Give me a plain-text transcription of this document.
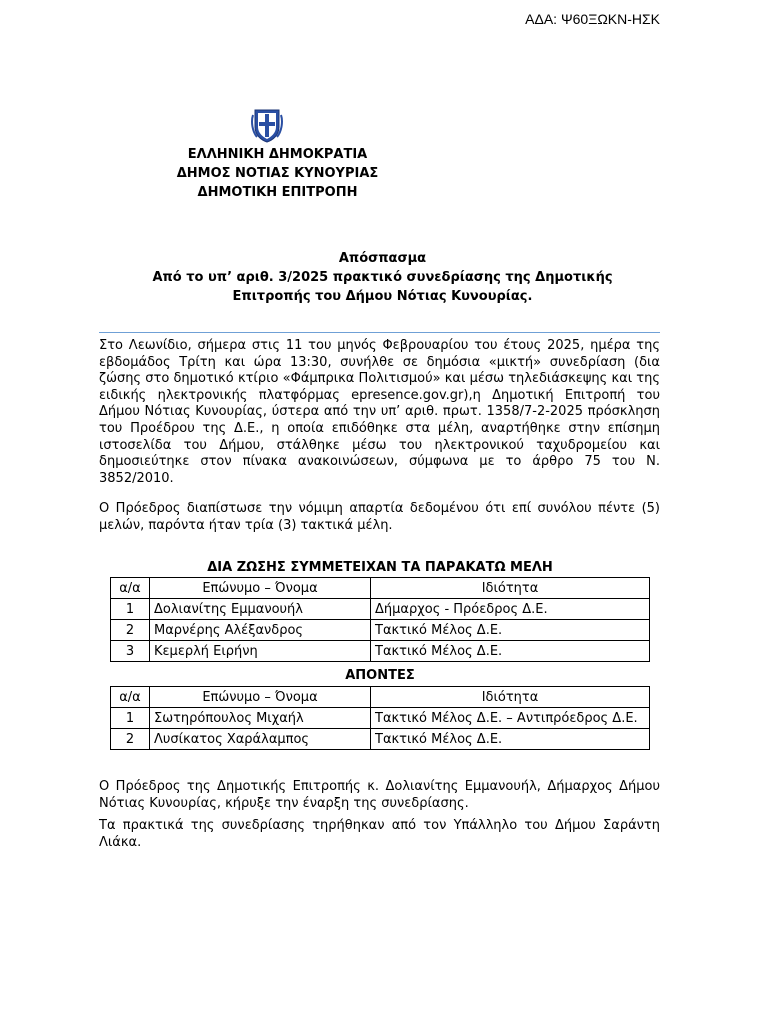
ΑΔΑ: Ψ60ΞΩΚΝ-ΗΣΚ
ΕΛΛΗΝΙΚΗ ΔΗΜΟΚΡΑΤΙΑ
ΔΗΜΟΣ ΝΟΤΙΑΣ ΚΥΝΟΥΡΙΑΣ
ΔΗΜΟΤΙΚΗ ΕΠΙΤΡΟΠΗ
Απόσπασμα
Από το υπ’ αριθ. 3/2025 πρακτικό συνεδρίασης της Δημοτικής
Επιτροπής του Δήμου Νότιας Κυνουρίας.
Στο Λεωνίδιο, σήμερα στις 11 του μηνός Φεβρουαρίου του έτους 2025, ημέρα της εβδομάδος Τρίτη και ώρα 13:30, συνήλθε σε δημόσια «μικτή» συνεδρίαση (δια ζώσης στο δημοτικό κτίριο «Φάμπρικα Πολιτισμού» και μέσω τηλεδιάσκεψης και της ειδικής ηλεκτρονικής πλατφόρμας epresence.gov.gr),η Δημοτική Επιτροπή του Δήμου Νότιας Κυνουρίας, ύστερα από την υπ’ αριθ. πρωτ. 1358/7-2-2025 πρόσκληση του Προέδρου της Δ.Ε., η οποία επιδόθηκε στα μέλη, αναρτήθηκε στην επίσημη ιστοσελίδα του Δήμου, στάλθηκε μέσω του ηλεκτρονικού ταχυδρομείου και δημοσιεύτηκε στον πίνακα ανακοινώσεων, σύμφωνα με το άρθρο 75 του Ν. 3852/2010.
Ο Πρόεδρος διαπίστωσε την νόμιμη απαρτία δεδομένου ότι επί συνόλου πέντε (5) μελών, παρόντα ήταν τρία (3) τακτικά μέλη.
ΔΙΑ ΖΩΣΗΣ ΣΥΜΜΕΤΕΙΧΑΝ ΤΑ ΠΑΡΑΚΑΤΩ ΜΕΛΗ
α/α	Επώνυμο – Όνομα	Ιδιότητα
1	Δολιανίτης Εμμανουήλ	Δήμαρχος - Πρόεδρος Δ.Ε.
2	Μαρνέρης Αλέξανδρος	Τακτικό Μέλος Δ.Ε.
3	Κεμερλή Ειρήνη	Τακτικό Μέλος Δ.Ε.
ΑΠΟΝΤΕΣ
α/α	Επώνυμο – Όνομα	Ιδιότητα
1	Σωτηρόπουλος Μιχαήλ	Τακτικό Μέλος Δ.Ε. – Αντιπρόεδρος Δ.Ε.
2	Λυσίκατος Χαράλαμπος	Τακτικό Μέλος Δ.Ε.
Ο Πρόεδρος της Δημοτικής Επιτροπής κ. Δολιανίτης Εμμανουήλ, Δήμαρχος Δήμου Νότιας Κυνουρίας, κήρυξε την έναρξη της συνεδρίασης.
Τα πρακτικά της συνεδρίασης τηρήθηκαν από τον Υπάλληλο του Δήμου Σαράντη Λιάκα.
